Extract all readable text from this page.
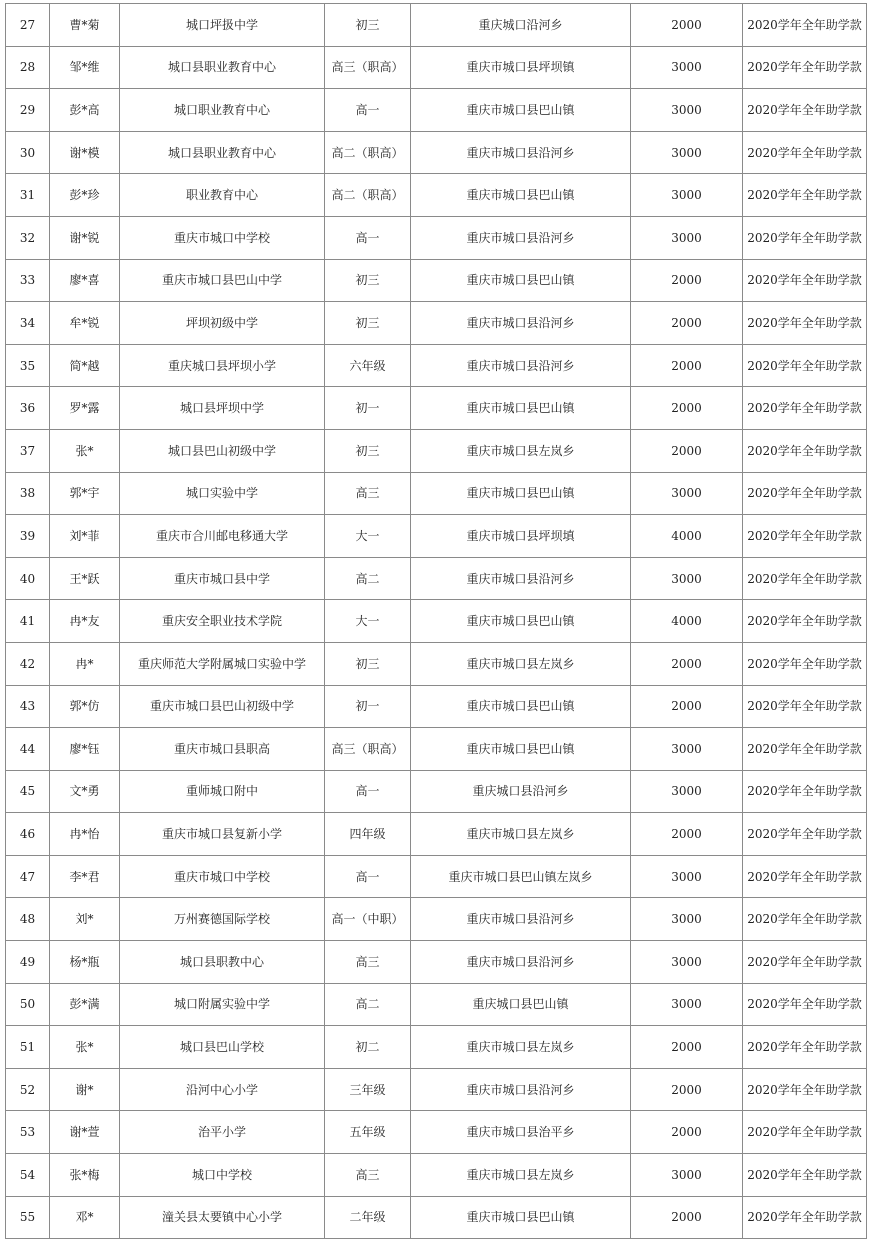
27	曹*菊	城口坪扱中学	初三	重庆城口沿河乡	2000	2020学年全年助学款
28	邹*维	城口县职业教育中心	高三（职高）	重庆市城口县坪坝镇	3000	2020学年全年助学款
29	彭*高	城口职业教育中心	高一	重庆市城口县巴山镇	3000	2020学年全年助学款
30	谢*模	城口县职业教育中心	高二（职高）	重庆市城口县沿河乡	3000	2020学年全年助学款
31	彭*珍	职业教育中心	高二（职高）	重庆市城口县巴山镇	3000	2020学年全年助学款
32	谢*锐	重庆市城口中学校	高一	重庆市城口县沿河乡	3000	2020学年全年助学款
33	廖*喜	重庆市城口县巴山中学	初三	重庆市城口县巴山镇	2000	2020学年全年助学款
34	牟*锐	坪坝初级中学	初三	重庆市城口县沿河乡	2000	2020学年全年助学款
35	简*越	重庆城口县坪坝小学	六年级	重庆市城口县沿河乡	2000	2020学年全年助学款
36	罗*露	城口县坪坝中学	初一	重庆市城口县巴山镇	2000	2020学年全年助学款
37	张*	城口县巴山初级中学	初三	重庆市城口县左岚乡	2000	2020学年全年助学款
38	郭*宇	城口实验中学	高三	重庆市城口县巴山镇	3000	2020学年全年助学款
39	刘*菲	重庆市合川邮电移通大学	大一	重庆市城口县坪坝填	4000	2020学年全年助学款
40	王*跃	重庆市城口县中学	高二	重庆市城口县沿河乡	3000	2020学年全年助学款
41	冉*友	重庆安全职业技术学院	大一	重庆市城口县巴山镇	4000	2020学年全年助学款
42	冉*	重庆师范大学附属城口实验中学	初三	重庆市城口县左岚乡	2000	2020学年全年助学款
43	郭*仿	重庆市城口县巴山初级中学	初一	重庆市城口县巴山镇	2000	2020学年全年助学款
44	廖*钰	重庆市城口县职高	高三（职高）	重庆市城口县巴山镇	3000	2020学年全年助学款
45	文*勇	重师城口附中	高一	重庆城口县沿河乡	3000	2020学年全年助学款
46	冉*怡	重庆市城口县复新小学	四年级	重庆市城口县左岚乡	2000	2020学年全年助学款
47	李*君	重庆市城口中学校	高一	重庆市城口县巴山镇左岚乡	3000	2020学年全年助学款
48	刘*	万州赛德国际学校	高一（中职）	重庆市城口县沿河乡	3000	2020学年全年助学款
49	杨*瓶	城口县职教中心	高三	重庆市城口县沿河乡	3000	2020学年全年助学款
50	彭*满	城口附属实验中学	高二	重庆城口县巴山镇	3000	2020学年全年助学款
51	张*	城口县巴山学校	初二	重庆市城口县左岚乡	2000	2020学年全年助学款
52	谢*	沿河中心小学	三年级	重庆市城口县沿河乡	2000	2020学年全年助学款
53	谢*萱	治平小学	五年级	重庆市城口县治平乡	2000	2020学年全年助学款
54	张*梅	城口中学校	高三	重庆市城口县左岚乡	3000	2020学年全年助学款
55	邓*	潼关县太要镇中心小学	二年级	重庆市城口县巴山镇	2000	2020学年全年助学款
